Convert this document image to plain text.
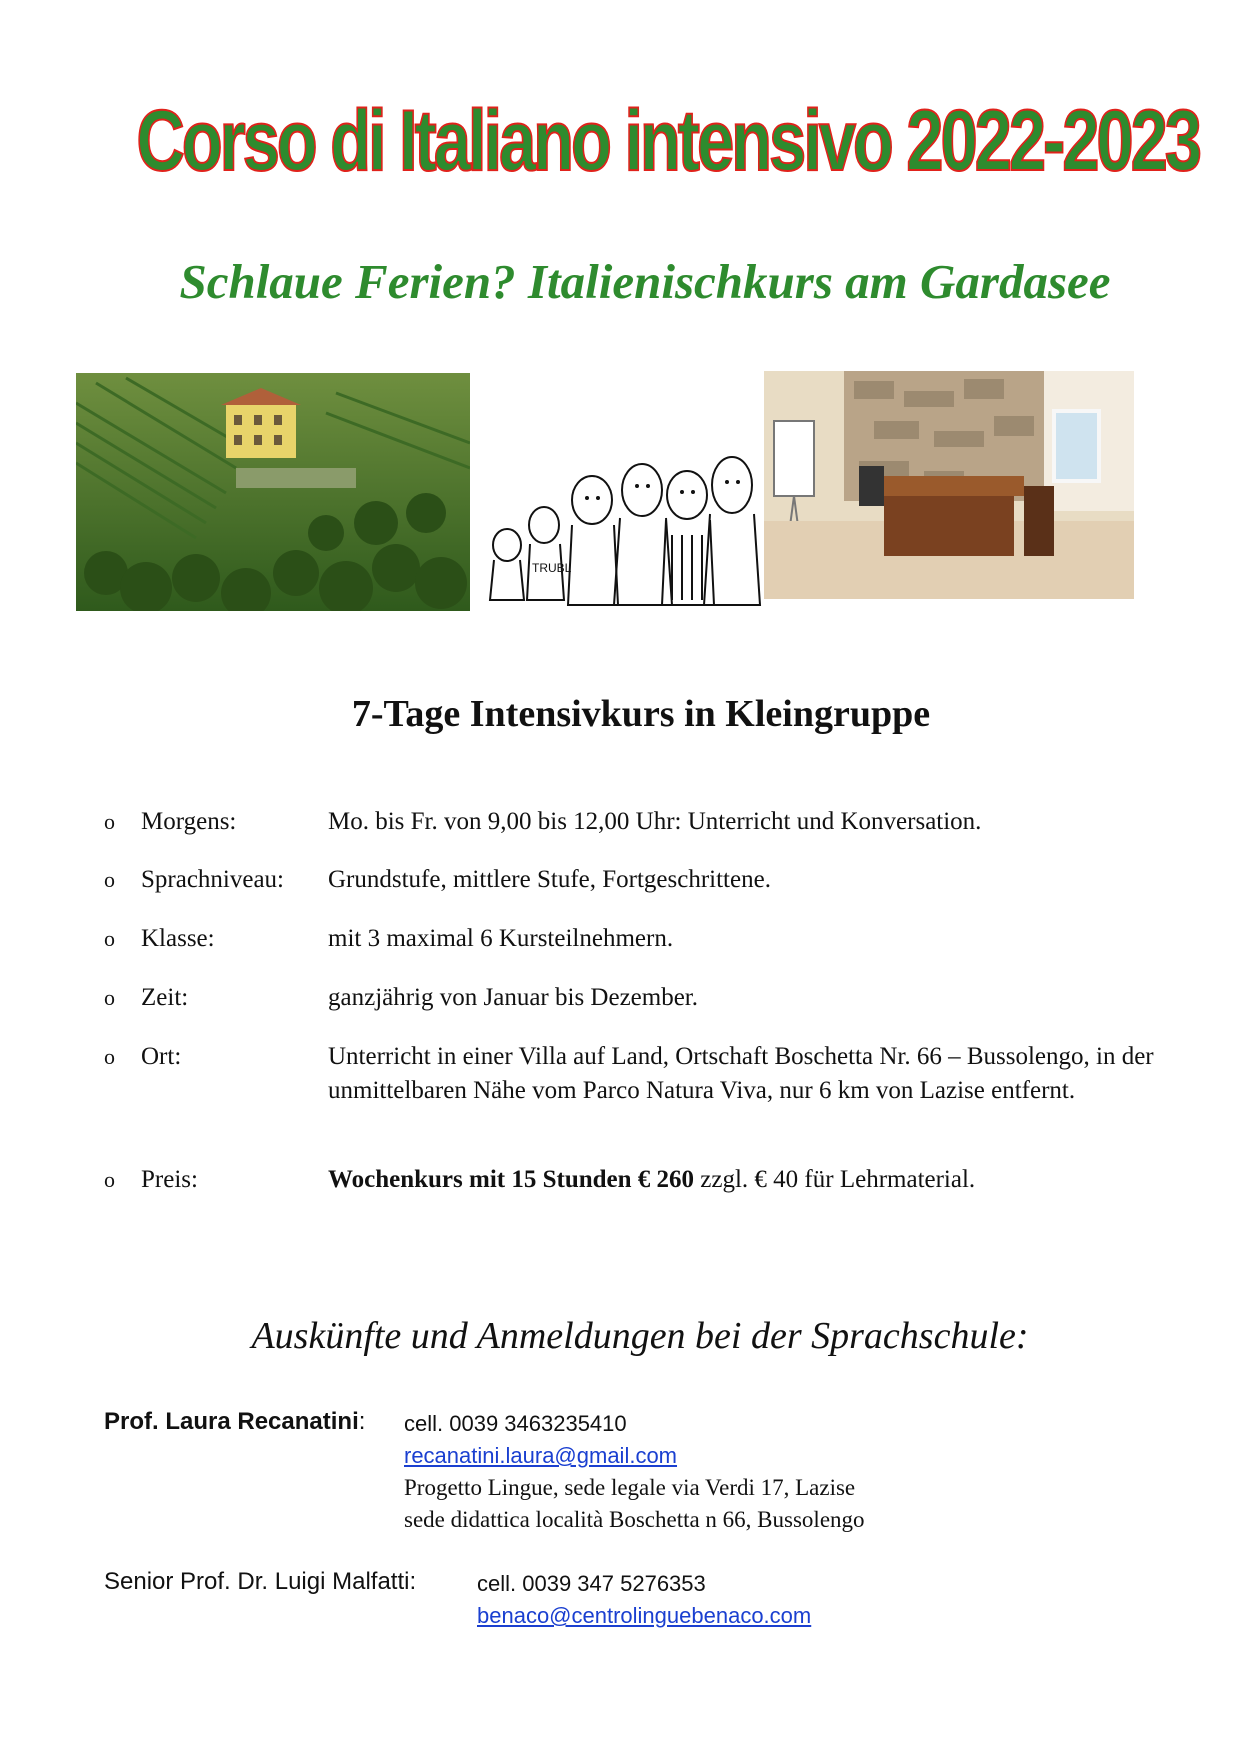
Corso di Italiano intensivo 2022-2023
Schlaue Ferien? Italienischkurs am Gardasee
TRUBL
7-Tage Intensivkurs in Kleingruppe
o Morgens:	Mo. bis Fr. von 9,00 bis 12,00 Uhr: Unterricht und Konversation.
o Sprachniveau: Grundstufe, mittlere Stufe, Fortgeschrittene.
o Klasse:	mit 3 maximal 6 Kursteilnehmern.
o Zeit:	ganzjährig von Januar bis Dezember.
o Ort:	Unterricht in einer Villa auf Land, Ortschaft Boschetta Nr. 66 – Bussolengo, in der unmittelbaren Nähe vom Parco Natura Viva, nur 6 km von Lazise entfernt.
o Preis:	Wochenkurs mit 15 Stunden € 260 zzgl. € 40 für Lehrmaterial.
Auskünfte und Anmeldungen bei der Sprachschule:
Prof. Laura Recanatini: cell. 0039 3463235410
recanatini.laura@gmail.com
Progetto Lingue, sede legale via Verdi 17, Lazise
sede didattica località Boschetta n 66, Bussolengo
Senior Prof. Dr. Luigi Malfatti:	cell. 0039 347 5276353
benaco@centrolinguebenaco.com
